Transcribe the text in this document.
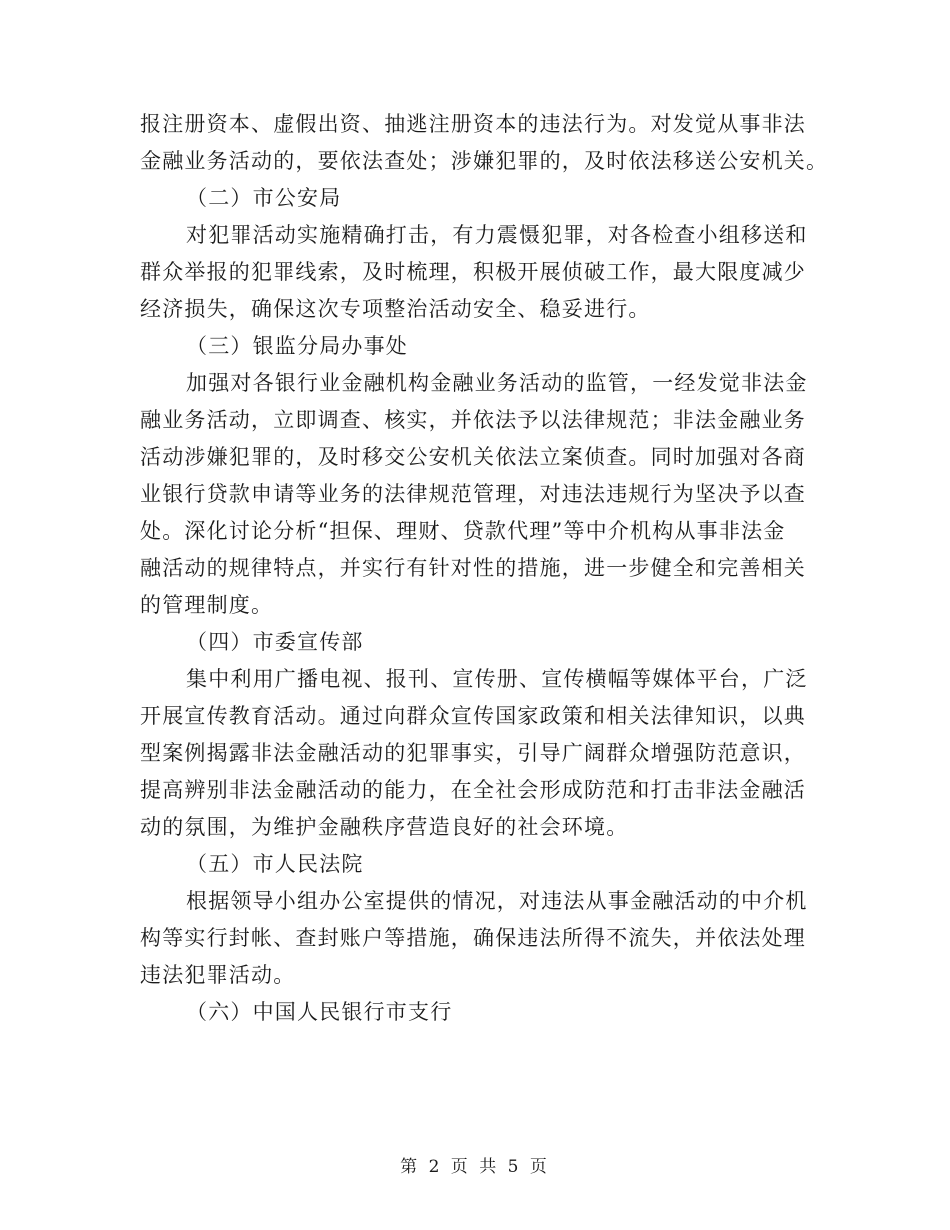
报注册资本、虚假出资、抽逃注册资本的违法行为。对发觉从事非法
金融业务活动的，要依法查处；涉嫌犯罪的，及时依法移送公安机关。
（二）市公安局
对犯罪活动实施精确打击，有力震慑犯罪，对各检查小组移送和
群众举报的犯罪线索，及时梳理，积极开展侦破工作，最大限度减少
经济损失，确保这次专项整治活动安全、稳妥进行。
（三）银监分局办事处
加强对各银行业金融机构金融业务活动的监管，一经发觉非法金
融业务活动，立即调查、核实，并依法予以法律规范；非法金融业务
活动涉嫌犯罪的，及时移交公安机关依法立案侦查。同时加强对各商
业银行贷款申请等业务的法律规范管理，对违法违规行为坚决予以查
处。深化讨论分析“担保、理财、贷款代理”等中介机构从事非法金
融活动的规律特点，并实行有针对性的措施，进一步健全和完善相关
的管理制度。
（四）市委宣传部
集中利用广播电视、报刊、宣传册、宣传横幅等媒体平台，广泛
开展宣传教育活动。通过向群众宣传国家政策和相关法律知识，以典
型案例揭露非法金融活动的犯罪事实，引导广阔群众增强防范意识，
提高辨别非法金融活动的能力，在全社会形成防范和打击非法金融活
动的氛围，为维护金融秩序营造良好的社会环境。
（五）市人民法院
根据领导小组办公室提供的情况，对违法从事金融活动的中介机
构等实行封帐、查封账户等措施，确保违法所得不流失，并依法处理
违法犯罪活动。
（六）中国人民银行市支行
第 2 页 共 5 页
